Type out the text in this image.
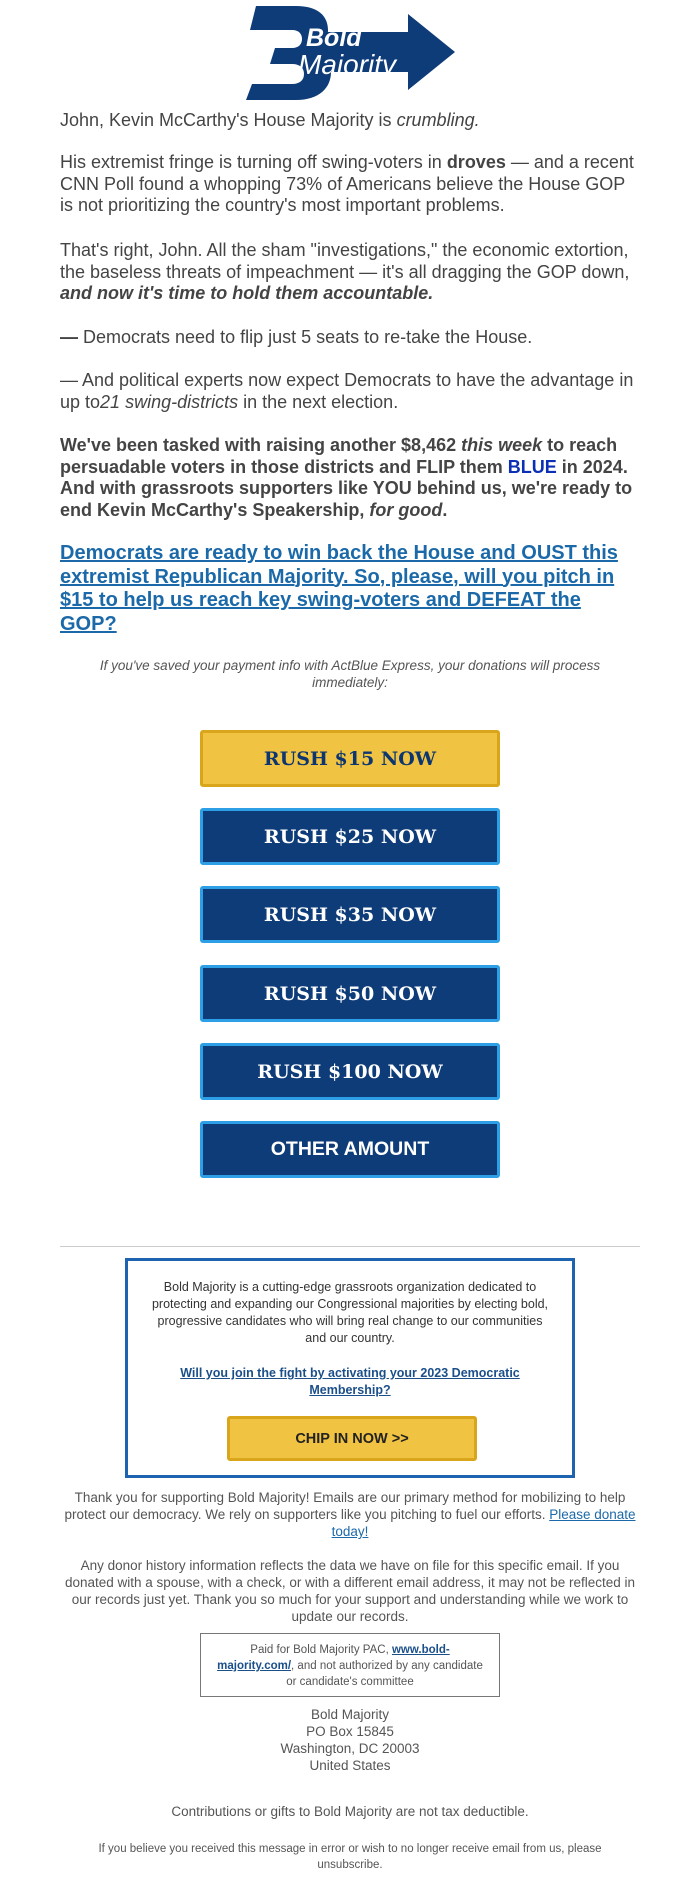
Bold
Majority
John, Kevin McCarthy's House Majority is crumbling.
His extremist fringe is turning off swing-voters in droves — and a recent CNN Poll found a whopping 73% of Americans believe the House GOP is not prioritizing the country's most important problems.
That's right, John. All the sham "investigations," the economic extortion, the baseless threats of impeachment — it's all dragging the GOP down, and now it's time to hold them accountable.
— Democrats need to flip just 5 seats to re-take the House.
— And political experts now expect Democrats to have the advantage in up to21 swing-districts in the next election.
We've been tasked with raising another $8,462 this week to reach persuadable voters in those districts and FLIP them BLUE in 2024. And with grassroots supporters like YOU behind us, we're ready to end Kevin McCarthy's Speakership, for good.
Democrats are ready to win back the House and OUST this extremist Republican Majority. So, please, will you pitch in $15 to help us reach key swing-voters and DEFEAT the GOP?
If you've saved your payment info with ActBlue Express, your donations will process immediately:
RUSH $15 NOW
RUSH $25 NOW
RUSH $35 NOW
RUSH $50 NOW
RUSH $100 NOW
OTHER AMOUNT
Bold Majority is a cutting-edge grassroots organization dedicated to protecting and expanding our Congressional majorities by electing bold, progressive candidates who will bring real change to our communities and our country.
Will you join the fight by activating your 2023 Democratic Membership?
CHIP IN NOW >>
Thank you for supporting Bold Majority! Emails are our primary method for mobilizing to help protect our democracy. We rely on supporters like you pitching to fuel our efforts. Please donate today!
Any donor history information reflects the data we have on file for this specific email. If you donated with a spouse, with a check, or with a different email address, it may not be reflected in our records just yet. Thank you so much for your support and understanding while we work to update our records.
Paid for Bold Majority PAC, www.bold-majority.com/, and not authorized by any candidate or candidate's committee
Bold Majority
PO Box 15845
Washington, DC 20003
United States
Contributions or gifts to Bold Majority are not tax deductible.
If you believe you received this message in error or wish to no longer receive email from us, please unsubscribe.
